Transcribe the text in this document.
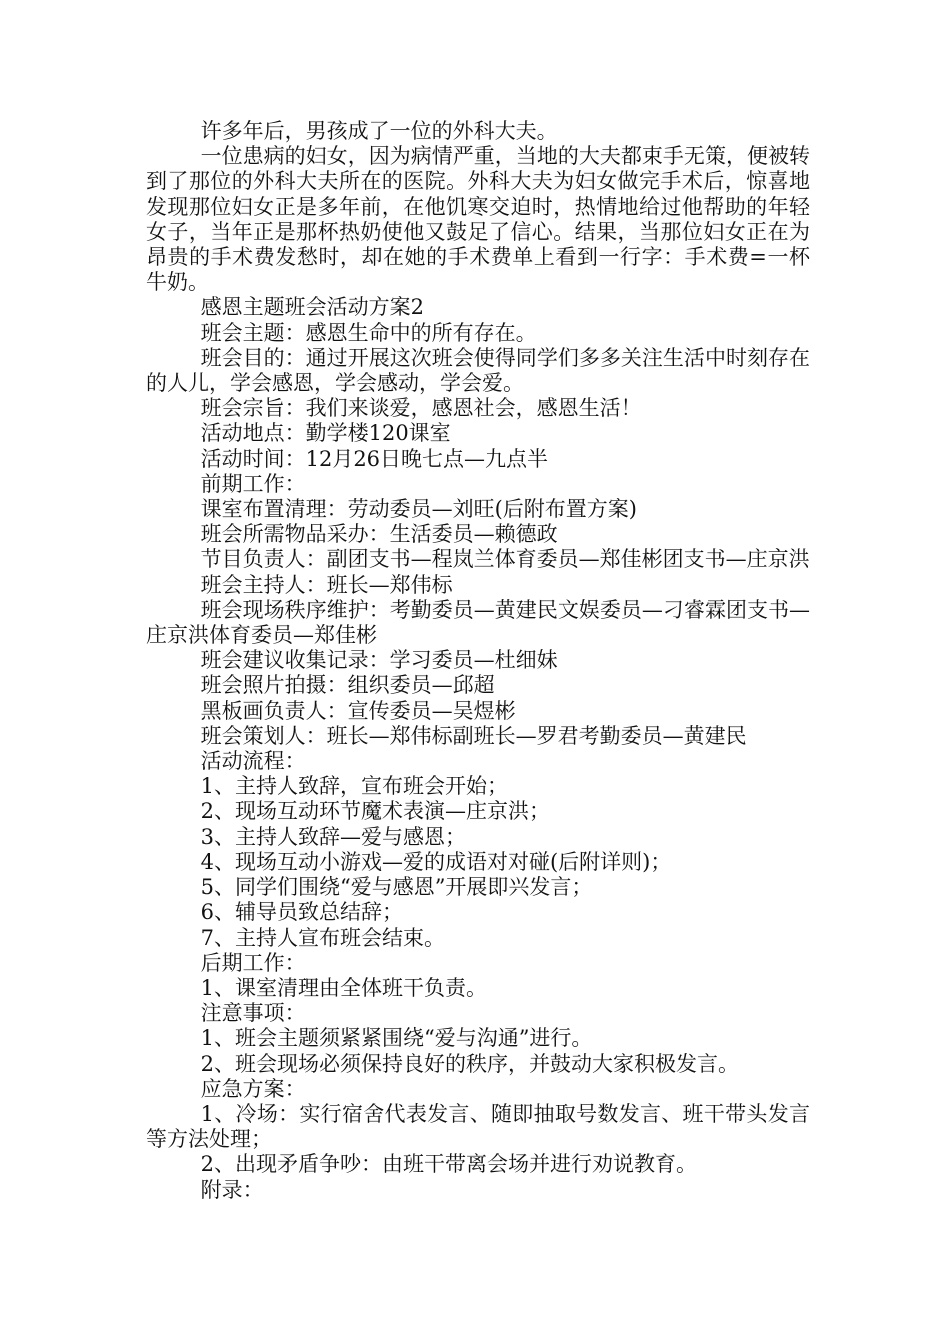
许多年后，男孩成了一位的外科大夫。

一位患病的妇女，因为病情严重，当地的大夫都束手无策，便被转到了那位的外科大夫所在的医院。外科大夫为妇女做完手术后，惊喜地发现那位妇女正是多年前，在他饥寒交迫时，热情地给过他帮助的年轻女子，当年正是那杯热奶使他又鼓足了信心。结果，当那位妇女正在为昂贵的手术费发愁时，却在她的手术费单上看到一行字：手术费=一杯牛奶。

感恩主题班会活动方案2

班会主题：感恩生命中的所有存在。

班会目的：通过开展这次班会使得同学们多多关注生活中时刻存在的人儿，学会感恩，学会感动，学会爱。

班会宗旨：我们来谈爱，感恩社会，感恩生活！

活动地点：勤学楼120课室

活动时间：12月26日晚七点—九点半

前期工作：

课室布置清理：劳动委员—刘旺(后附布置方案)

班会所需物品采办：生活委员—赖德政

节目负责人：副团支书—程岚兰体育委员—郑佳彬团支书—庄京洪

班会主持人：班长—郑伟标

班会现场秩序维护：考勤委员—黄建民文娱委员—刁睿霖团支书—庄京洪体育委员—郑佳彬

班会建议收集记录：学习委员—杜细妹

班会照片拍摄：组织委员—邱超

黑板画负责人：宣传委员—吴煜彬

班会策划人：班长—郑伟标副班长—罗君考勤委员—黄建民

活动流程：

1、主持人致辞，宣布班会开始；

2、现场互动环节魔术表演—庄京洪；

3、主持人致辞—爱与感恩；

4、现场互动小游戏—爱的成语对对碰(后附详则)；

5、同学们围绕“爱与感恩”开展即兴发言；

6、辅导员致总结辞；

7、主持人宣布班会结束。

后期工作：

1、课室清理由全体班干负责。

注意事项：

1、班会主题须紧紧围绕“爱与沟通”进行。

2、班会现场必须保持良好的秩序，并鼓动大家积极发言。

应急方案：

1、冷场：实行宿舍代表发言、随即抽取号数发言、班干带头发言等方法处理；

2、出现矛盾争吵：由班干带离会场并进行劝说教育。

附录：
